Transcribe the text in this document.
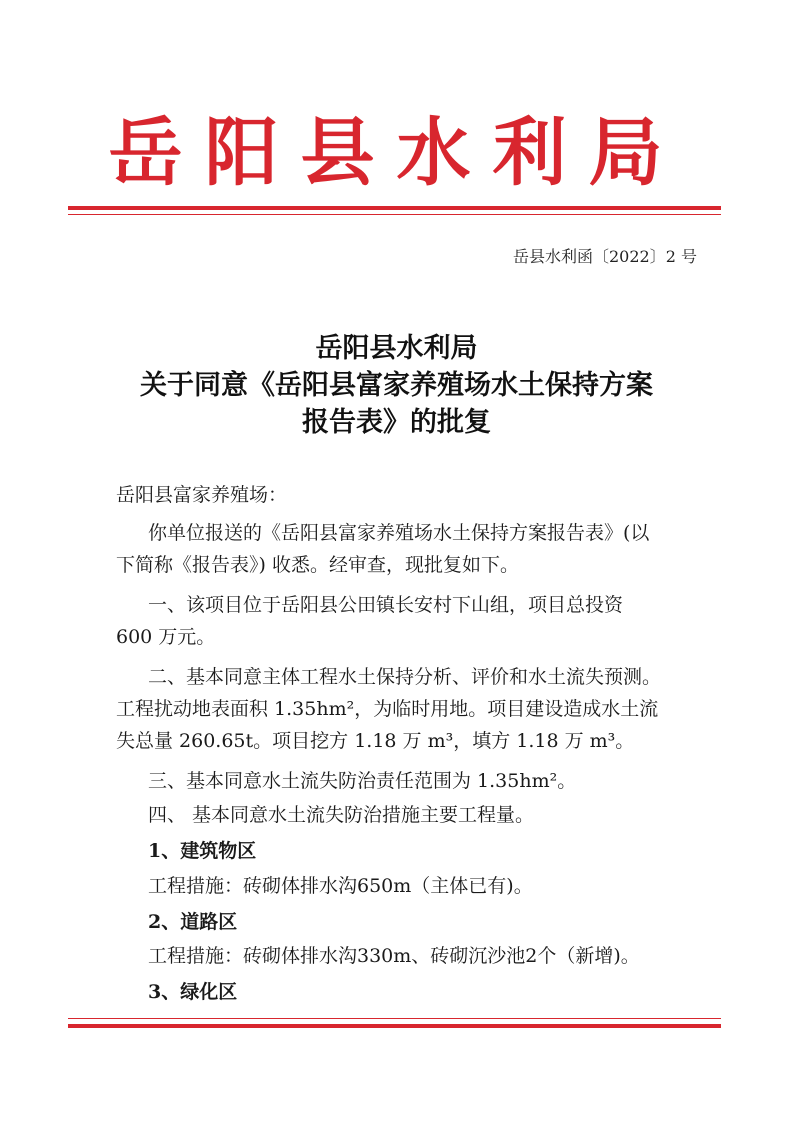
岳阳县水利局
岳县水利函〔2022〕2 号
岳阳县水利局
关于同意《岳阳县富家养殖场水土保持方案
报告表》的批复
岳阳县富家养殖场：
你单位报送的《岳阳县富家养殖场水土保持方案报告表》(以
下简称《报告表》) 收悉。经审查，现批复如下。
一、该项目位于岳阳县公田镇长安村下山组，项目总投资
600 万元。
二、基本同意主体工程水土保持分析、评价和水土流失预测。
工程扰动地表面积 1.35hm²，为临时用地。项目建设造成水土流
失总量 260.65t。项目挖方 1.18 万 m³，填方 1.18 万 m³。
三、基本同意水土流失防治责任范围为 1.35hm²。
四、 基本同意水土流失防治措施主要工程量。
1、建筑物区
工程措施：砖砌体排水沟650m（主体已有)。
2、道路区
工程措施：砖砌体排水沟330m、砖砌沉沙池2个（新增)。
3、绿化区
